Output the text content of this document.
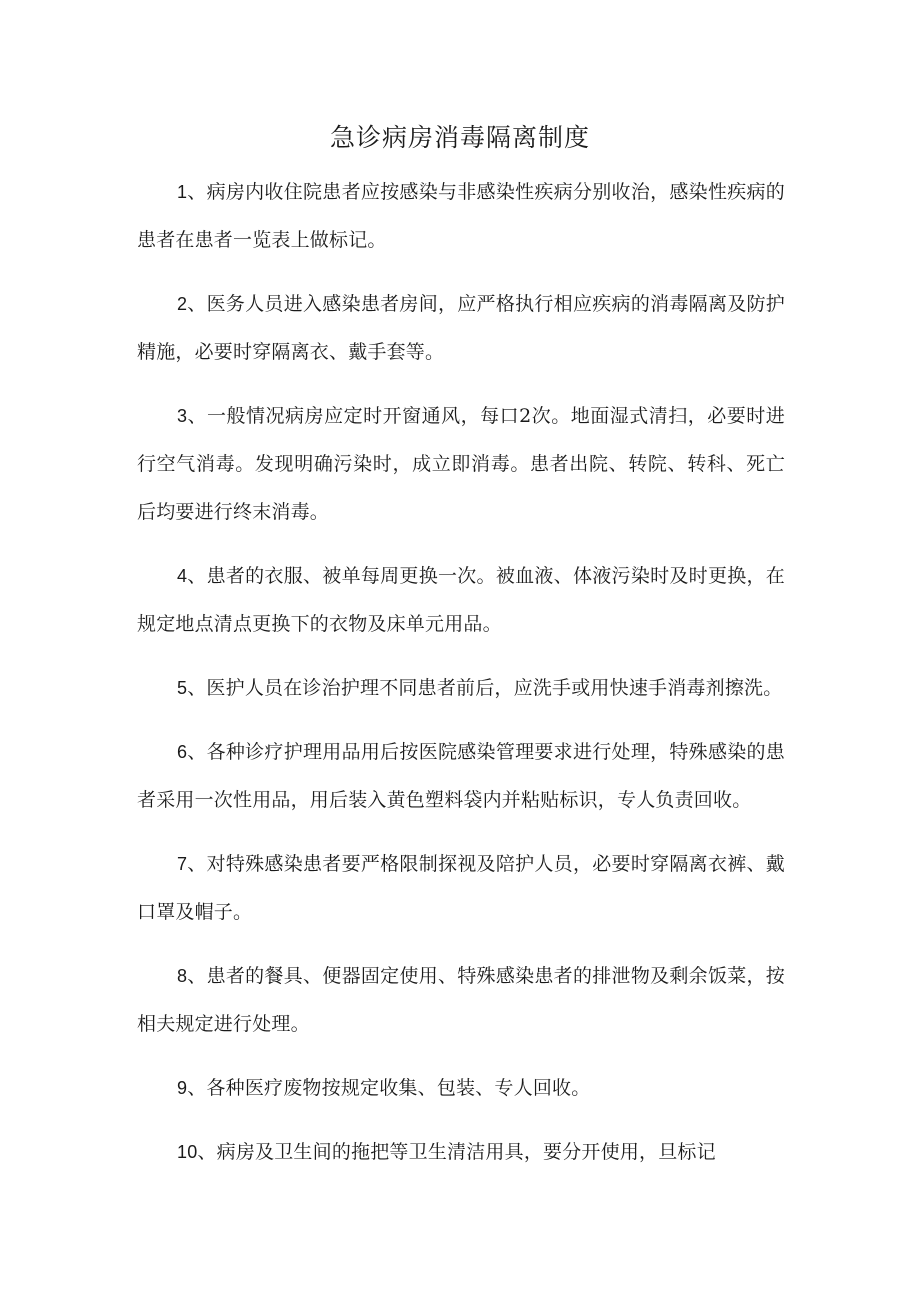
急诊病房消毒隔离制度

1、病房内收住院患者应按感染与非感染性疾病分别收治，感染性疾病的患者在患者一览表上做标记。

2、医务人员进入感染患者房间，应严格执行相应疾病的消毒隔离及防护精施，必要时穿隔离衣、戴手套等。

3、一般情况病房应定时开窗通风，每口2次。地面湿式清扫，必要时进行空气消毒。发现明确污染时，成立即消毒。患者出院、转院、转科、死亡后均要进行终末消毒。

4、患者的衣服、被单每周更换一次。被血液、体液污染时及时更换，在规定地点清点更换下的衣物及床单元用品。

5、医护人员在诊治护理不同患者前后，应洗手或用快速手消毒剂擦洗。

6、各种诊疗护理用品用后按医院感染管理要求进行处理，特殊感染的患者采用一次性用品，用后装入黄色塑料袋内并粘贴标识，专人负责回收。

7、对特殊感染患者要严格限制探视及陪护人员，必要时穿隔离衣裤、戴口罩及帽子。

8、患者的餐具、便器固定使用、特殊感染患者的排泄物及剩余饭菜，按相夫规定进行处理。

9、各种医疗废物按规定收集、包装、专人回收。

10、病房及卫生间的拖把等卫生清洁用具，要分开使用，旦标记
